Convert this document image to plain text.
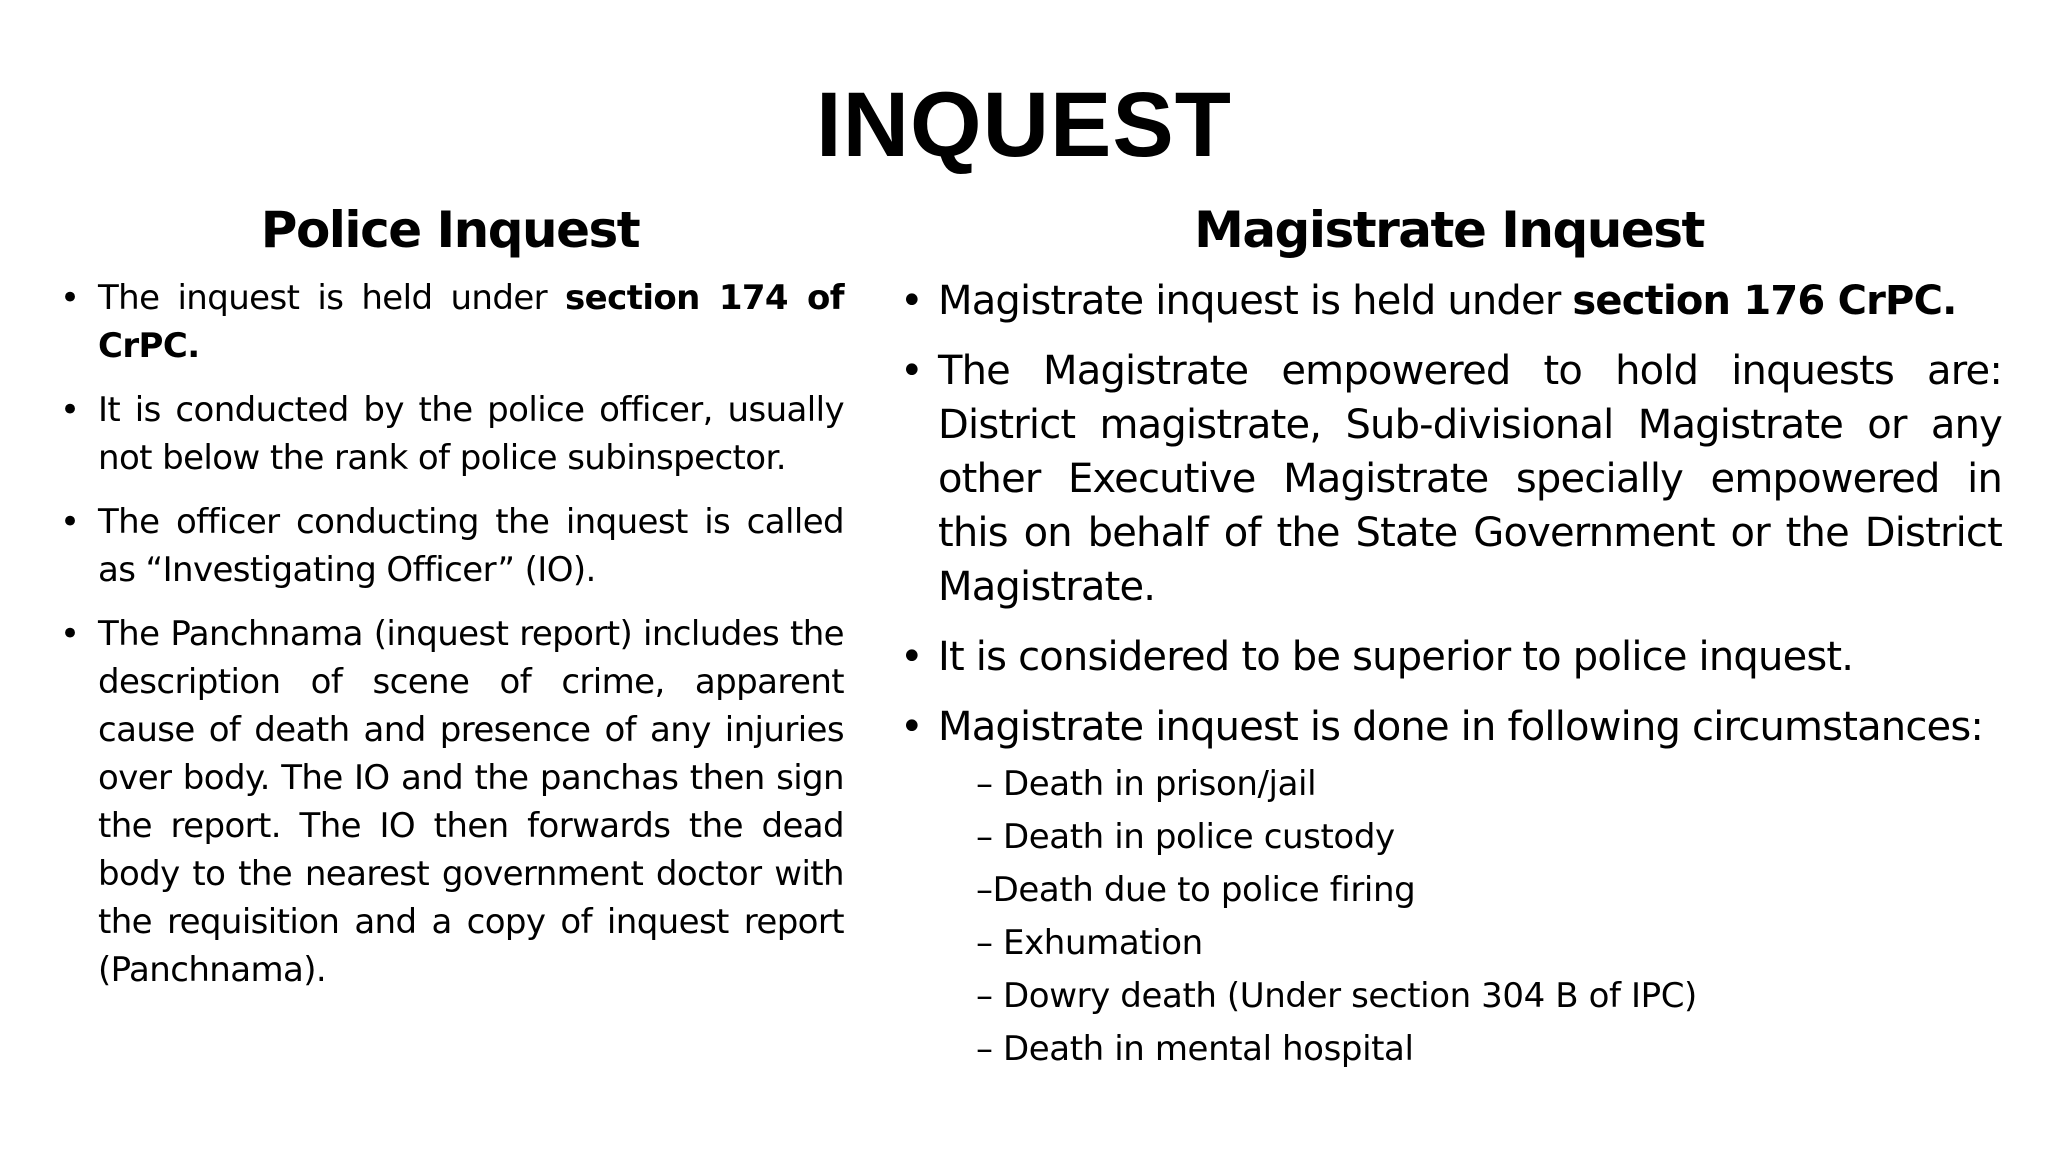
INQUEST
Police Inquest
• The inquest is held under section 174 of CrPC.
• It is conducted by the police officer, usually not below the rank of police subinspector.
• The officer conducting the inquest is called as “Investigating Officer” (IO).
• The Panchnama (inquest report) includes the description of scene of crime, apparent cause of death and presence of any injuries over body. The IO and the panchas then sign the report. The IO then forwards the dead body to the nearest government doctor with the requisition and a copy of inquest report (Panchnama).
Magistrate Inquest
• Magistrate inquest is held under section 176 CrPC.
• The Magistrate empowered to hold inquests are: District magistrate, Sub-divisional Magistrate or any other Executive Magistrate specially empowered in this on behalf of the State Government or the District Magistrate.
• It is considered to be superior to police inquest.
• Magistrate inquest is done in following circumstances:
– Death in prison/jail
– Death in police custody
–Death due to police firing
– Exhumation
– Dowry death (Under section 304 B of IPC)
– Death in mental hospital
